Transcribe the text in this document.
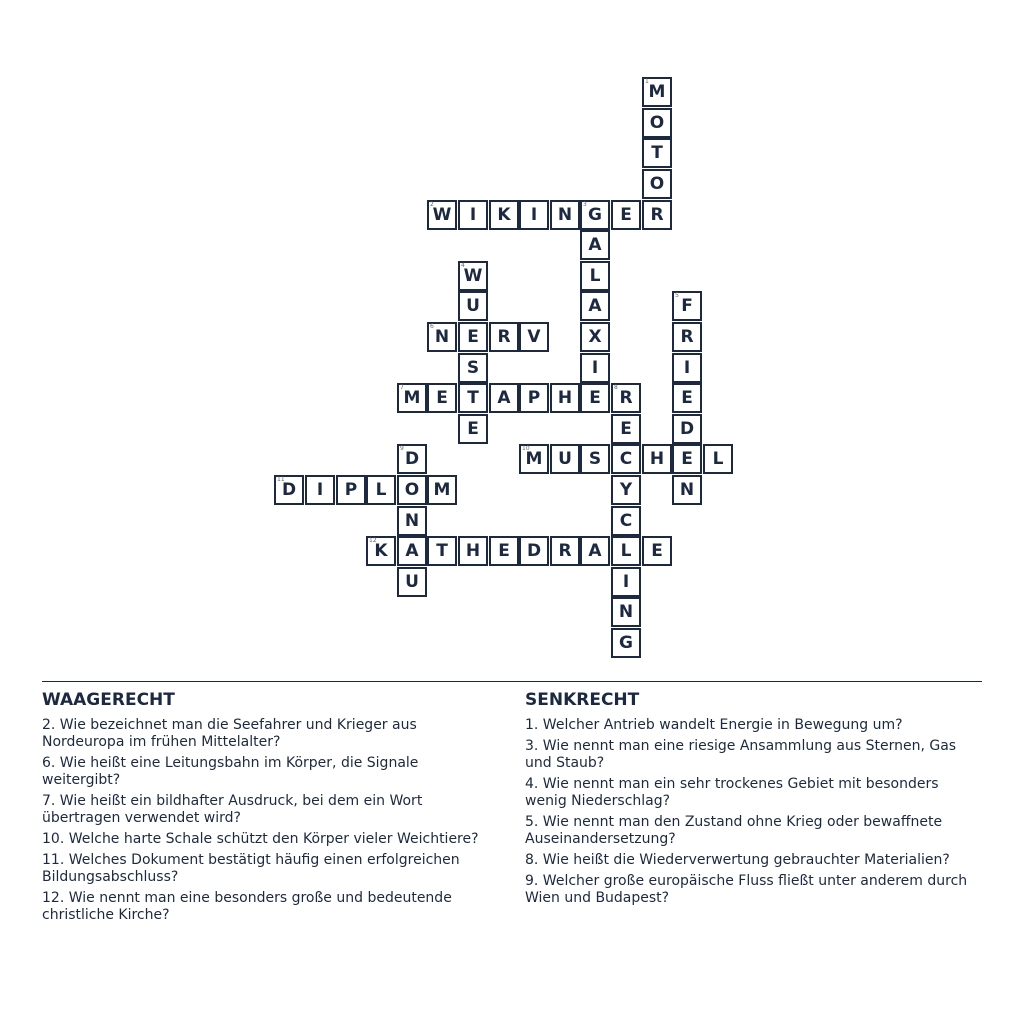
1
M
O
T
O
R
2
W	I	K	I	N
3
G	E
A
L
A
X
I
E
4
W
U
E
S
T
E
6
N	R V
5
F
R
I
E
D
E
N
7
M E	A	P	H
8
R
E
C
Y
C
L
I
N
G
10
M U S	H	L
9
D
O
N
A
U
11
D	I	P	L	M
12
K	T	H	E	D	R A	E
WAAGERECHT
2. Wie bezeichnet man die Seefahrer und Krieger aus Nordeuropa im frühen Mittelalter?
6. Wie heißt eine Leitungsbahn im Körper, die Signale weitergibt?
7. Wie heißt ein bildhafter Ausdruck, bei dem ein Wort übertragen verwendet wird?
10. Welche harte Schale schützt den Körper vieler Weichtiere?
11. Welches Dokument bestätigt häufig einen erfolgreichen Bildungsabschluss?
12. Wie nennt man eine besonders große und bedeutende christliche Kirche?
SENKRECHT
1. Welcher Antrieb wandelt Energie in Bewegung um?
3. Wie nennt man eine riesige Ansammlung aus Sternen, Gas und Staub?
4. Wie nennt man ein sehr trockenes Gebiet mit besonders wenig Niederschlag?
5. Wie nennt man den Zustand ohne Krieg oder bewaffnete Auseinandersetzung?
8. Wie heißt die Wiederverwertung gebrauchter Materialien?
9. Welcher große europäische Fluss fließt unter anderem durch Wien und Budapest?
